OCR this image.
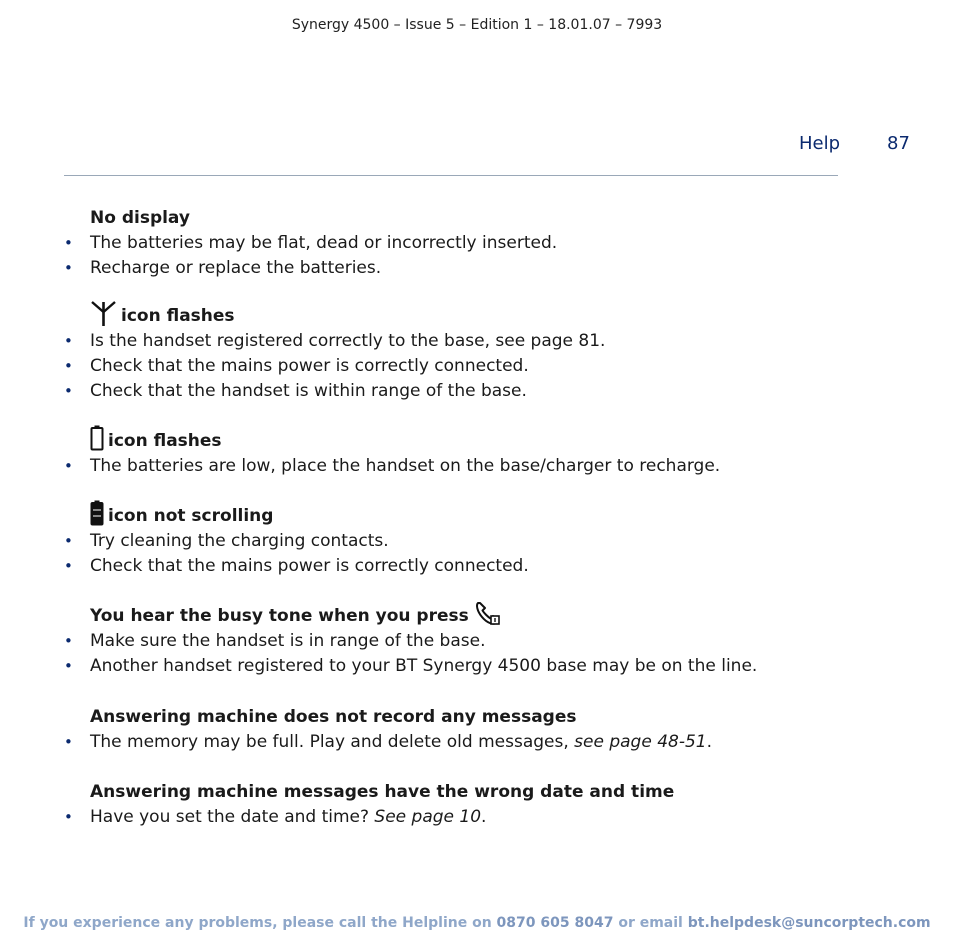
Synergy 4500 – Issue 5 – Edition 1 – 18.01.07 – 7993
Help	87
No display
• The batteries may be flat, dead or incorrectly inserted.
• Recharge or replace the batteries.
icon flashes
• Is the handset registered correctly to the base, see page 81.
• Check that the mains power is correctly connected.
• Check that the handset is within range of the base.
icon flashes
• The batteries are low, place the handset on the base/charger to recharge.
icon not scrolling
• Try cleaning the charging contacts.
• Check that the mains power is correctly connected.
You hear the busy tone when you press
• Make sure the handset is in range of the base.
• Another handset registered to your BT Synergy 4500 base may be on the line.
Answering machine does not record any messages
• The memory may be full. Play and delete old messages, see page 48-51.
Answering machine messages have the wrong date and time
• Have you set the date and time? See page 10.
If you experience any problems, please call the Helpline on 0870 605 8047 or email bt.helpdesk@suncorptech.com
